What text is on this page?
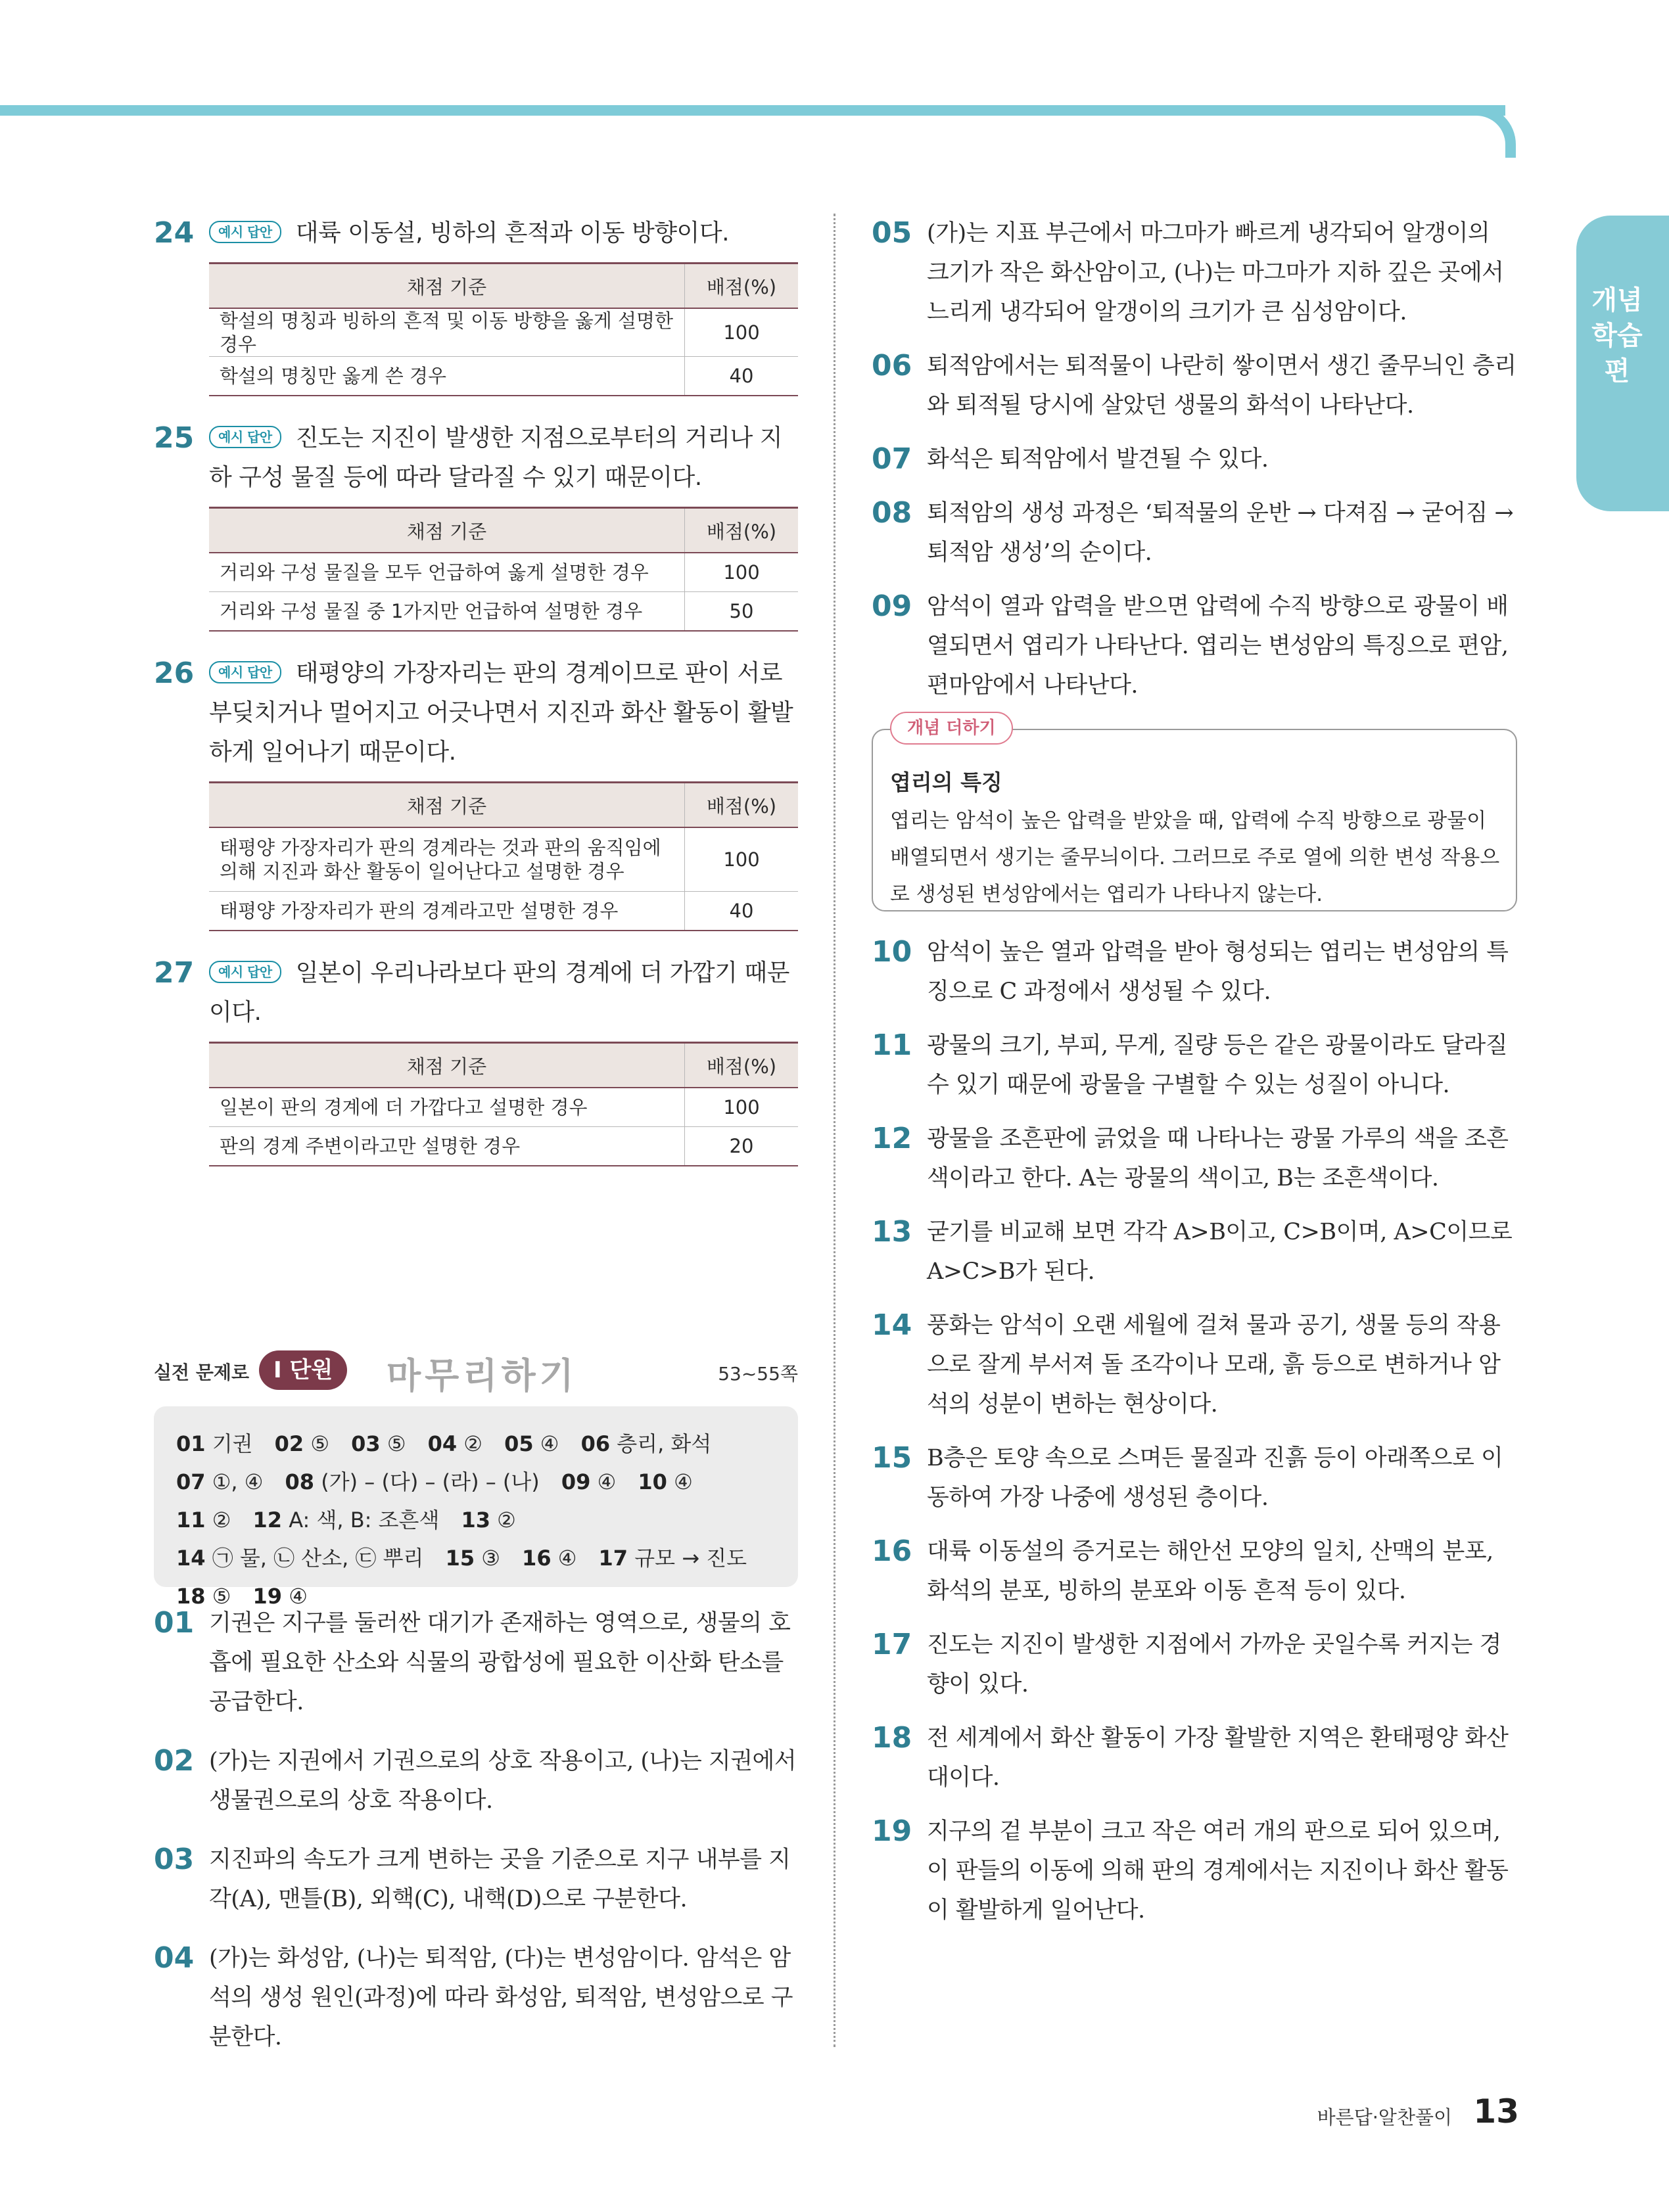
개념학습편
24	예시 답안 대륙 이동설, 빙하의 흔적과 이동 방향이다.
채점 기준	배점(%)
학설의 명칭과 빙하의 흔적 및 이동 방향을 옳게 설명한 경우	100
학설의 명칭만 옳게 쓴 경우	40
25	예시 답안 진도는 지진이 발생한 지점으로부터의 거리나 지하 구성 물질 등에 따라 달라질 수 있기 때문이다.
채점 기준	배점(%)
거리와 구성 물질을 모두 언급하여 옳게 설명한 경우	100
거리와 구성 물질 중 1가지만 언급하여 설명한 경우	50
26	예시 답안 태평양의 가장자리는 판의 경계이므로 판이 서로 부딪치거나 멀어지고 어긋나면서 지진과 화산 활동이 활발하게 일어나기 때문이다.
채점 기준	배점(%)
태평양 가장자리가 판의 경계라는 것과 판의 움직임에 의해 지진과 화산 활동이 일어난다고 설명한 경우	100
태평양 가장자리가 판의 경계라고만 설명한 경우	40
27	예시 답안 일본이 우리나라보다 판의 경계에 더 가깝기 때문이다.
채점 기준	배점(%)
일본이 판의 경계에 더 가깝다고 설명한 경우	100
판의 경계 주변이라고만 설명한 경우	20
실전 문제로	Ⅰ 단원	마무리하기	53~55쪽
01 기권 02 ⑤ 03 ⑤ 04 ② 05 ④ 06 층리, 화석 07 ①, ④ 08 (가) – (다) – (라) – (나) 09 ④ 10 ④ 11 ② 12 A: 색, B: 조흔색 13 ② 14 ㉠ 물, ㉡ 산소, ㉢ 뿌리 15 ③ 16 ④ 17 규모 → 진도 18 ⑤ 19 ④
01 기권은 지구를 둘러싼 대기가 존재하는 영역으로, 생물의 호흡에 필요한 산소와 식물의 광합성에 필요한 이산화 탄소를 공급한다.
02 (가)는 지권에서 기권으로의 상호 작용이고, (나)는 지권에서 생물권으로의 상호 작용이다.
03 지진파의 속도가 크게 변하는 곳을 기준으로 지구 내부를 지각(A), 맨틀(B), 외핵(C), 내핵(D)으로 구분한다.
04 (가)는 화성암, (나)는 퇴적암, (다)는 변성암이다. 암석은 암석의 생성 원인(과정)에 따라 화성암, 퇴적암, 변성암으로 구분한다.
05 (가)는 지표 부근에서 마그마가 빠르게 냉각되어 알갱이의 크기가 작은 화산암이고, (나)는 마그마가 지하 깊은 곳에서 느리게 냉각되어 알갱이의 크기가 큰 심성암이다.
06 퇴적암에서는 퇴적물이 나란히 쌓이면서 생긴 줄무늬인 층리와 퇴적될 당시에 살았던 생물의 화석이 나타난다.
07 화석은 퇴적암에서 발견될 수 있다.
08 퇴적암의 생성 과정은 ‘퇴적물의 운반 → 다져짐 → 굳어짐 → 퇴적암 생성’의 순이다.
09 암석이 열과 압력을 받으면 압력에 수직 방향으로 광물이 배열되면서 엽리가 나타난다. 엽리는 변성암의 특징으로 편암, 편마암에서 나타난다.
개념 더하기
엽리의 특징
엽리는 암석이 높은 압력을 받았을 때, 압력에 수직 방향으로 광물이 배열되면서 생기는 줄무늬이다. 그러므로 주로 열에 의한 변성 작용으로 생성된 변성암에서는 엽리가 나타나지 않는다.
10 암석이 높은 열과 압력을 받아 형성되는 엽리는 변성암의 특징으로 C 과정에서 생성될 수 있다.
11 광물의 크기, 부피, 무게, 질량 등은 같은 광물이라도 달라질 수 있기 때문에 광물을 구별할 수 있는 성질이 아니다.
12 광물을 조흔판에 긁었을 때 나타나는 광물 가루의 색을 조흔색이라고 한다. A는 광물의 색이고, B는 조흔색이다.
13 굳기를 비교해 보면 각각 A>B이고, C>B이며, A>C이므로 A>C>B가 된다.
14 풍화는 암석이 오랜 세월에 걸쳐 물과 공기, 생물 등의 작용으로 잘게 부서져 돌 조각이나 모래, 흙 등으로 변하거나 암석의 성분이 변하는 현상이다.
15 B층은 토양 속으로 스며든 물질과 진흙 등이 아래쪽으로 이동하여 가장 나중에 생성된 층이다.
16 대륙 이동설의 증거로는 해안선 모양의 일치, 산맥의 분포, 화석의 분포, 빙하의 분포와 이동 흔적 등이 있다.
17 진도는 지진이 발생한 지점에서 가까운 곳일수록 커지는 경향이 있다.
18 전 세계에서 화산 활동이 가장 활발한 지역은 환태평양 화산대이다.
19 지구의 겉 부분이 크고 작은 여러 개의 판으로 되어 있으며, 이 판들의 이동에 의해 판의 경계에서는 지진이나 화산 활동이 활발하게 일어난다.
바른답·알찬풀이 13
